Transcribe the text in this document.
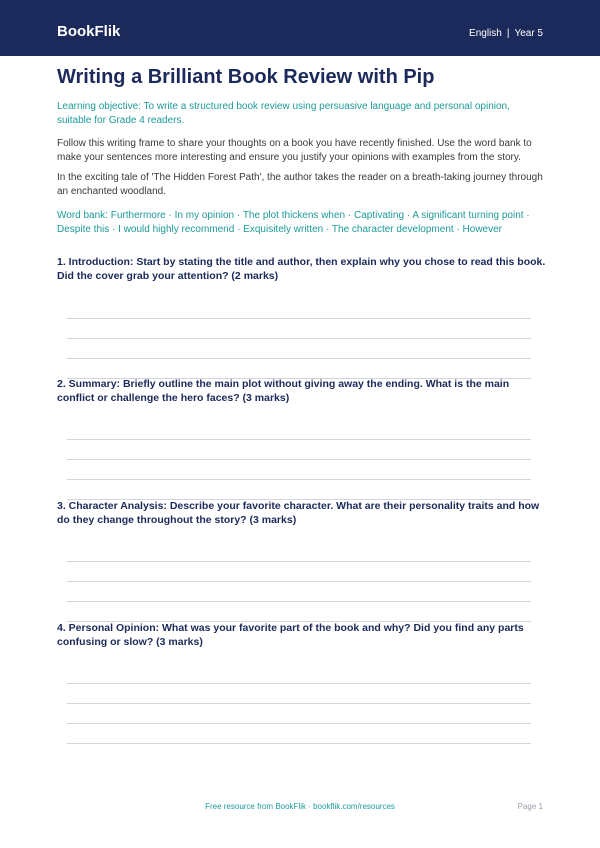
BookFlik	English | Year 5
Writing a Brilliant Book Review with Pip

Learning objective: To write a structured book review using persuasive language and personal opinion, suitable for Grade 4 readers.

Follow this writing frame to share your thoughts on a book you have recently finished. Use the word bank to make your sentences more interesting and ensure you justify your opinions with examples from the story.

In the exciting tale of 'The Hidden Forest Path', the author takes the reader on a breath-taking journey through an enchanted woodland.

Word bank: Furthermore · In my opinion · The plot thickens when · Captivating · A significant turning point · Despite this · I would highly recommend · Exquisitely written · The character development · However

1. Introduction: Start by stating the title and author, then explain why you chose to read this book. Did the cover grab your attention? (2 marks)

2. Summary: Briefly outline the main plot without giving away the ending. What is the main conflict or challenge the hero faces? (3 marks)

3. Character Analysis: Describe your favorite character. What are their personality traits and how do they change throughout the story? (3 marks)

4. Personal Opinion: What was your favorite part of the book and why? Did you find any parts confusing or slow? (3 marks)

Free resource from BookFlik · bookflik.com/resources	Page 1
